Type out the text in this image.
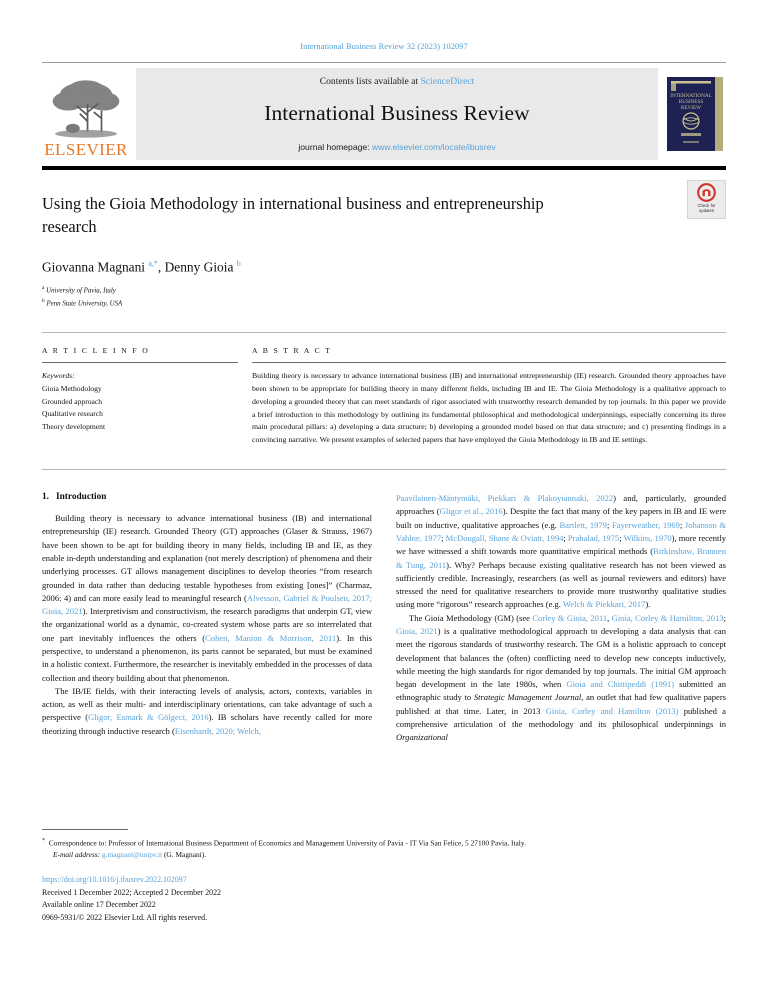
International Business Review 32 (2023) 102097
ELSEVIER
Contents lists available at ScienceDirect
International Business Review
journal homepage: www.elsevier.com/locate/ibusrev
INTERNATIONAL
BUSINESS
REVIEW
Check for
updates
Using the Gioia Methodology in international business and entrepreneurship research
Giovanna Magnani $^{a,*}$, Denny Gioia $^b$
$^a$ University of Pavia, Italy
$^b$ Penn State University, USA
A R T I C L E I N F O
Keywords:
Gioia Methodology
Grounded approach
Qualitative research
Theory development
A B S T R A C T
Building theory is necessary to advance international business (IB) and international entrepreneurship (IE) research. Grounded theory approaches have been shown to be appropriate for building theory in many different fields, including IB and IE. The Gioia Methodology is a qualitative approach to developing a grounded theory that can meet standards of rigor associated with trustworthy research demanded by top journals. In this paper we provide a brief introduction to this methodology by outlining its fundamental philosophical and methodological underpinnings, especially concerning its three main procedural pillars: a) developing a data structure; b) developing a grounded model based on that data structure; and c) presenting findings in a convincing narrative. We present examples of selected papers that have employed the Gioia Methodology in IB and IE settings.
1. Introduction

Building theory is necessary to advance international business (IB) and international entrepreneurship (IE) research. Grounded Theory (GT) approaches (Glaser & Strauss, 1967) have been shown to be apt for building theory in many fields, including IB and IE, as they enable in-depth understanding and explanation (not merely description) of phenomena and their underlying processes. GT allows management disciplines to develop theories “from research grounded in data rather than deducing testable hypotheses from existing [ones]” (Charmaz, 2006: 4) and can more easily lead to meaningful research (Alvesson, Gabriel & Poulsen, 2017; Gioia, 2021). Interpretivism and constructivism, the research paradigms that underpin GT, view the organizational world as a dynamic, co-created system whose parts are so interrelated that one part inevitably influences the others (Cohen, Manion & Morrison, 2011). In this perspective, to understand a phenomenon, its parts cannot be separated, but must be examined in a holistic context. Furthermore, the researcher is inevitably embedded in the processes of data collection and theory building about that phenomenon.

The IB/IE fields, with their interacting levels of analysis, actors, contexts, variables in action, as well as their multi- and interdisciplinary orientations, can take advantage of such a perspective (Gligor, Esmark & Gölgeci, 2016). IB scholars have recently called for more theorizing through inductive research (Eisenhardt, 2020; Welch,

Paavilainen-Mäntymäki, Piekkari & Plakoyiannaki, 2022) and, particularly, grounded approaches (Gligor et al., 2016). Despite the fact that many of the key papers in IB and IE were built on inductive, qualitative approaches (e.g. Bartlett, 1979; Fayerweather, 1969; Johanson & Vahlne, 1977; McDougall, Shane & Oviatt, 1994; Prahalad, 1975; Wilkins, 1970), more recently we have witnessed a shift towards more quantitative empirical methods (Birkinshaw, Brannen & Tung, 2011). Why? Perhaps because existing qualitative research has not been viewed as sufficiently credible. Increasingly, researchers (as well as journal reviewers and editors) have stressed the need for qualitative researchers to provide more trustworthy qualitative studies using more “rigorous” research approaches (e.g. Welch & Piekkari, 2017).

The Gioia Methodology (GM) (see Corley & Gioia, 2011, Gioia, Corley & Hamilton, 2013; Gioia, 2021) is a qualitative methodological approach to developing a data analysis that can meet the rigorous standards of trustworthy research. The GM is a holistic approach to concept development that balances the (often) conflicting need to develop new concepts inductively, while meeting the high standards for rigor demanded by top journals. The initial GM approach began development in the late 1980s, when Gioia and Chittipeddi (1991) submitted an ethnographic study to Strategic Management Journal, an outlet that had few qualitative papers published at that time. Later, in 2013 Gioia, Corley and Hamilton (2013) published a comprehensive articulation of the methodology and its philosophical underpinnings in Organizational

*  Correspondence to: Professor of International Business Department of Economics and Management University of Pavia - IT Via San Felice, 5 27100 Pavia, Italy.
E-mail address: g.magnani@unipv.it (G. Magnani).
https://doi.org/10.1016/j.ibusrev.2022.102097
Received 1 December 2022; Accepted 2 December 2022
Available online 17 December 2022
0969-5931/© 2022 Elsevier Ltd. All rights reserved.
